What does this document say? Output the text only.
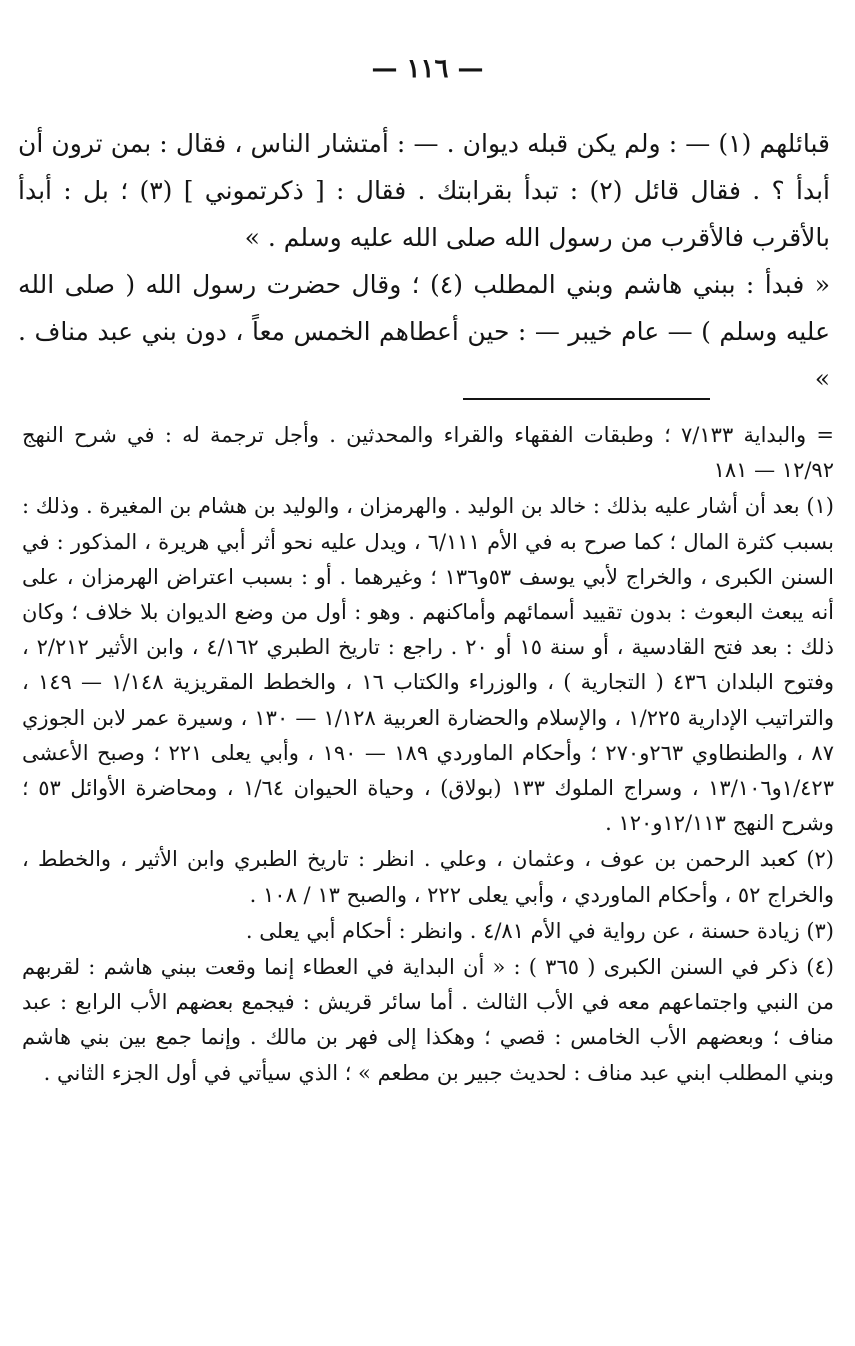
— ١١٦ —

قبائلهم (١) — : ولم يكن قبله ديوان . — : أمتشار الناس ، فقال : بمن ترون أن أبدأ ؟ . فقال قائل (٢) : تبدأ بقرابتك . فقال : [ ذكرتموني ] (٣) ؛ بل : أبدأ بالأقرب فالأقرب من رسول الله صلى الله عليه وسلم . »

« فبدأ : ببني هاشم وبني المطلب (٤) ؛ وقال حضرت رسول الله ( صلى الله عليه وسلم ) — عام خيبر — : حين أعطاهم الخمس معاً ، دون بني عبد مناف . »

= والبداية ٧/١٣٣ ؛ وطبقات الفقهاء والقراء والمحدثين . وأجل ترجمة له : في شرح النهج ١٢/٩٢ — ١٨١

(١) بعد أن أشار عليه بذلك : خالد بن الوليد . والهرمزان ، والوليد بن هشام بن المغيرة . وذلك : بسبب كثرة المال ؛ كما صرح به في الأم ٦/١١١ ، ويدل عليه نحو أثر أبي هريرة ، المذكور : في السنن الكبرى ، والخراج لأبي يوسف ٥٣و١٣٦ ؛ وغيرهما . أو : بسبب اعتراض الهرمزان ، على أنه يبعث البعوث : بدون تقييد أسمائهم وأماكنهم . وهو : أول من وضع الديوان بلا خلاف ؛ وكان ذلك : بعد فتح القادسية ، أو سنة ١٥ أو ٢٠ . راجع : تاريخ الطبري ٤/١٦٢ ، وابن الأثير ٢/٢١٢ ، وفتوح البلدان ٤٣٦ ( التجارية ) ، والوزراء والكتاب ١٦ ، والخطط المقريزية ١/١٤٨ — ١٤٩ ، والتراتيب الإدارية ١/٢٢٥ ، والإسلام والحضارة العربية ١/١٢٨ — ١٣٠ ، وسيرة عمر لابن الجوزي ٨٧ ، والطنطاوي ٢٦٣و٢٧٠ ؛ وأحكام الماوردي ١٨٩ — ١٩٠ ، وأبي يعلى ٢٢١ ؛ وصبح الأعشى ١/٤٢٣و١٣/١٠٦ ، وسراج الملوك ١٣٣ (بولاق) ، وحياة الحيوان ١/٦٤ ، ومحاضرة الأوائل ٥٣ ؛ وشرح النهج ١٢/١١٣و١٢٠ .

(٢) كعبد الرحمن بن عوف ، وعثمان ، وعلي . انظر : تاريخ الطبري وابن الأثير ، والخطط ، والخراج ٥٢ ، وأحكام الماوردي ، وأبي يعلى ٢٢٢ ، والصبح ١٣ / ١٠٨ .

(٣) زيادة حسنة ، عن رواية في الأم ٤/٨١ . وانظر : أحكام أبي يعلى .

(٤) ذكر في السنن الكبرى ( ٣٦٥ ) : « أن البداية في العطاء إنما وقعت ببني هاشم : لقربهم من النبي واجتماعهم معه في الأب الثالث . أما سائر قريش : فيجمع بعضهم الأب الرابع : عبد مناف ؛ وبعضهم الأب الخامس : قصي ؛ وهكذا إلى فهر بن مالك . وإنما جمع بين بني هاشم وبني المطلب ابني عبد مناف : لحديث جبير بن مطعم » ؛ الذي سيأتي في أول الجزء الثاني .
